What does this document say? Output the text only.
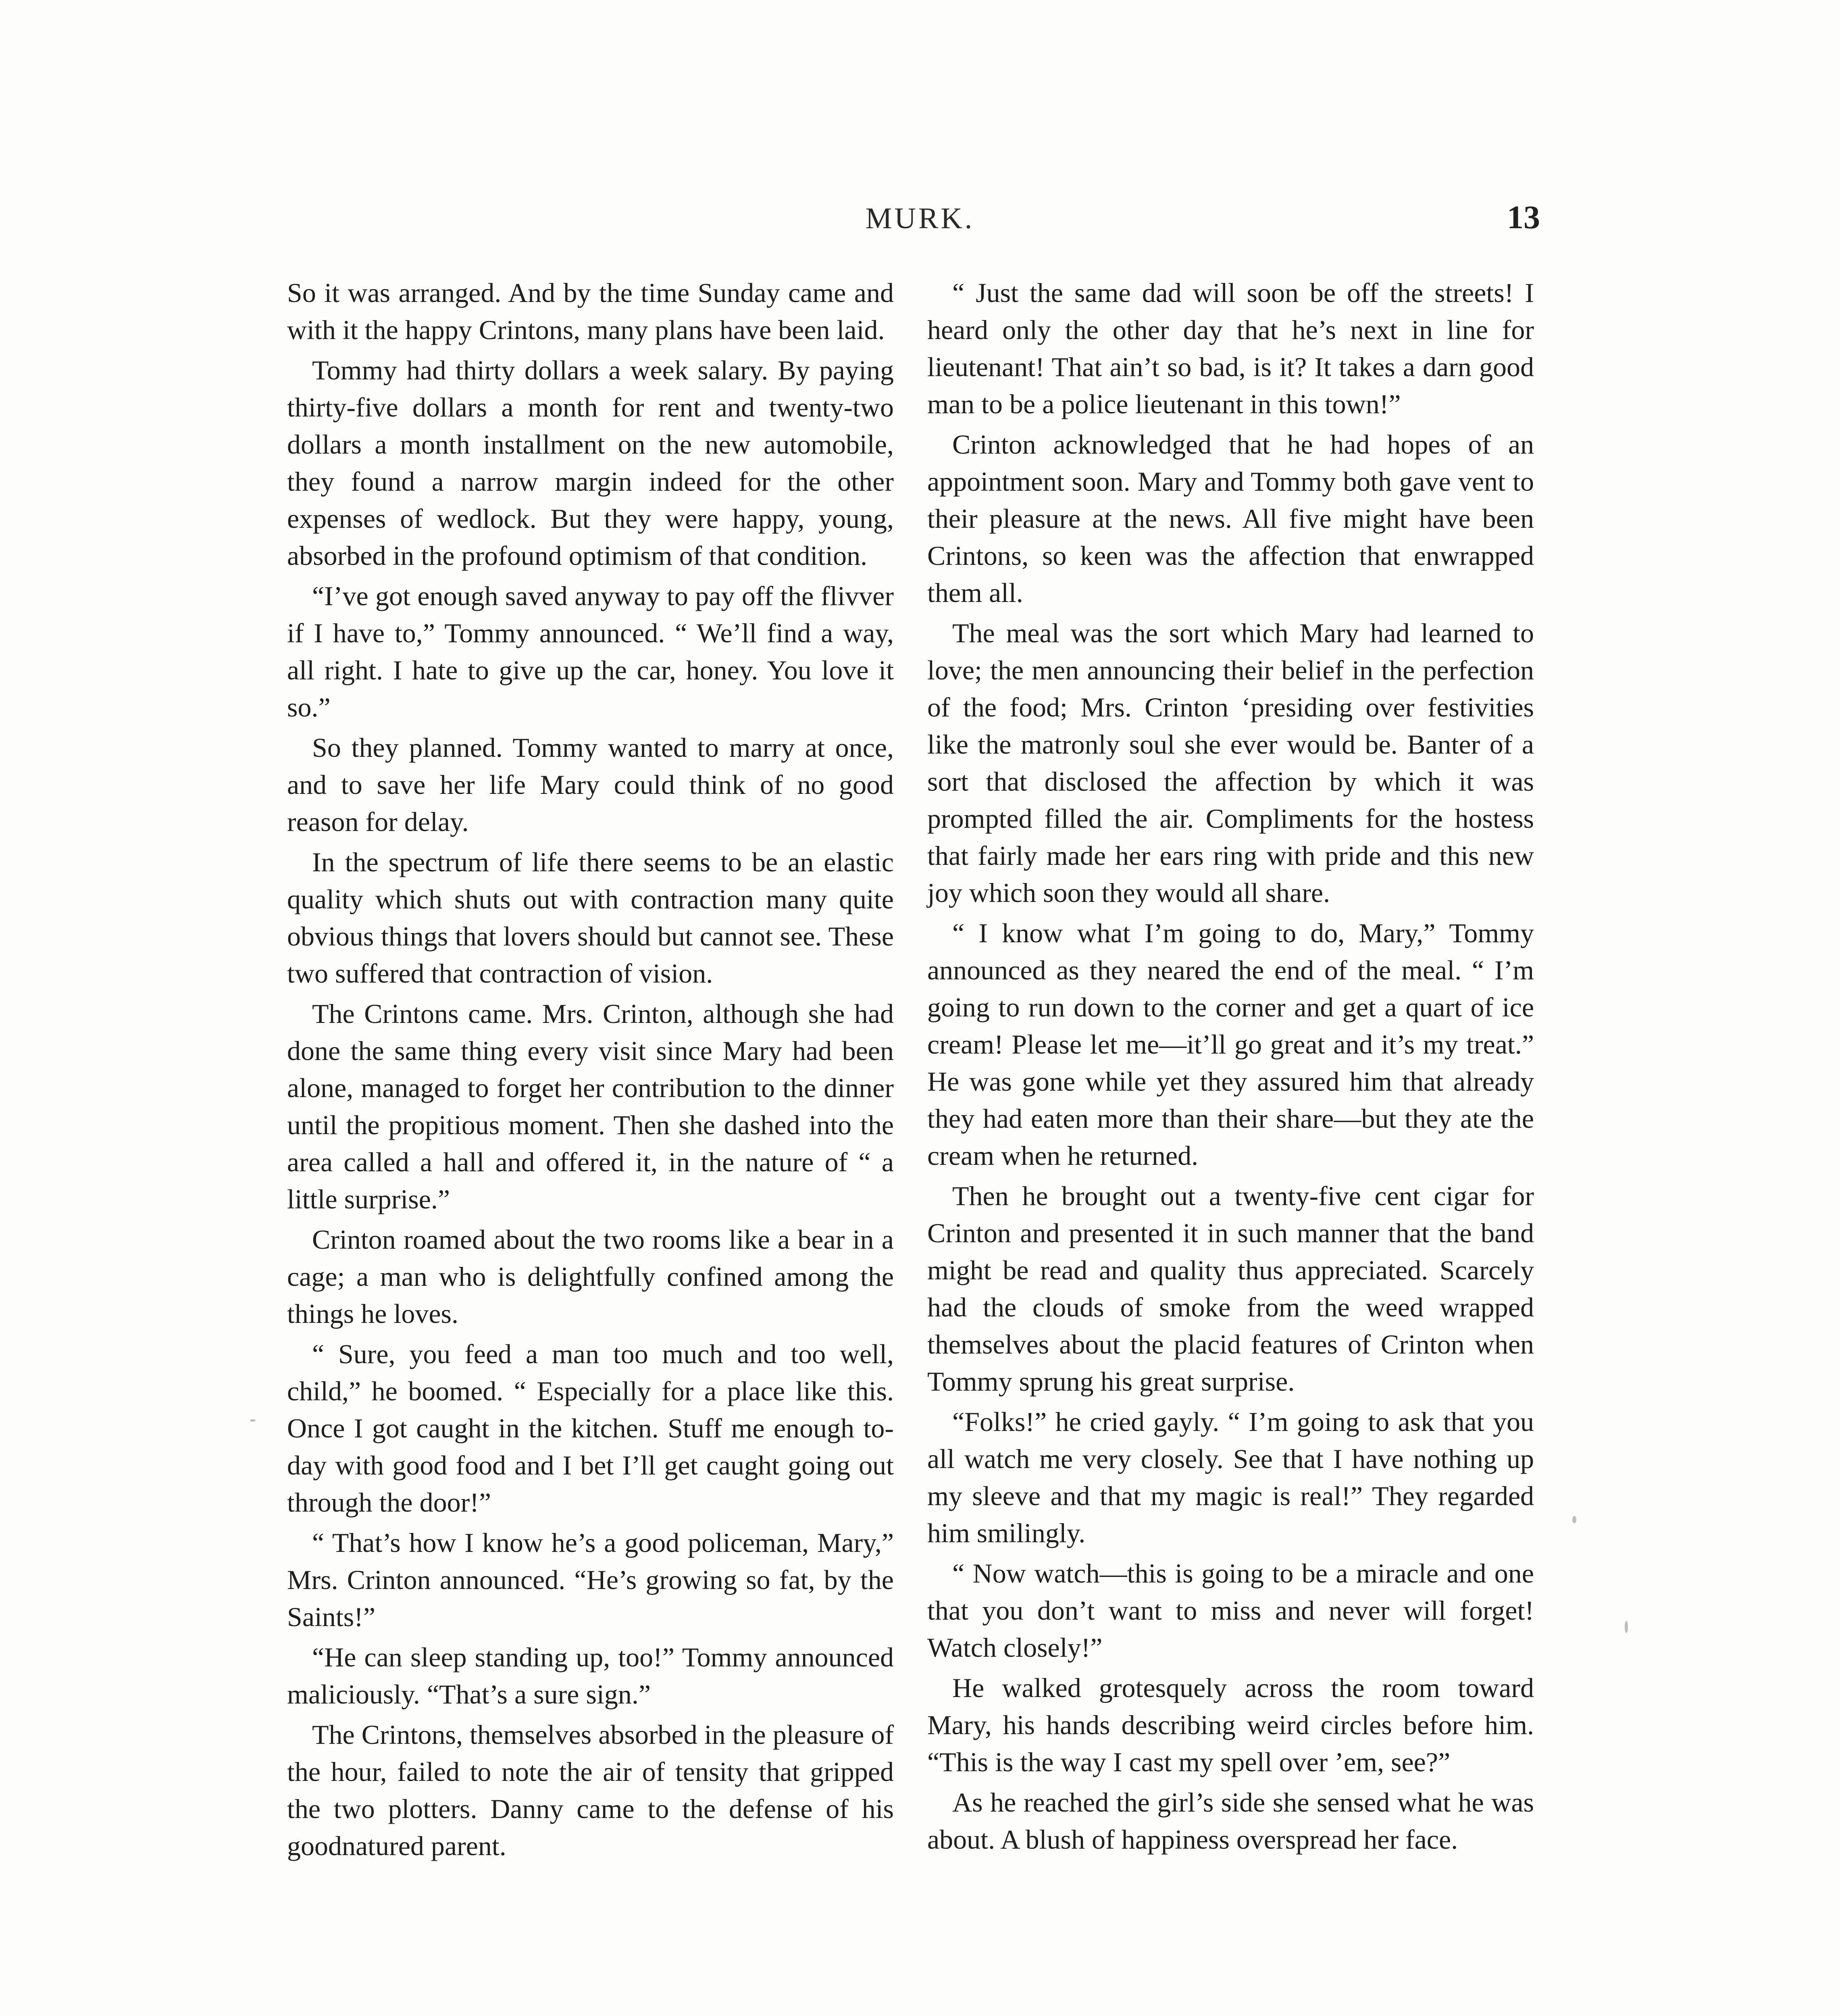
MURK.	13

So it was arranged. And by the time Sunday came and with it the happy Crintons, many plans have been laid.

Tommy had thirty dollars a week salary. By paying thirty-five dollars a month for rent and twenty-two dollars a month installment on the new automobile, they found a narrow margin indeed for the other expenses of wedlock. But they were happy, young, absorbed in the profound optimism of that condition.

“I’ve got enough saved anyway to pay off the flivver if I have to,” Tommy announced. “ We’ll find a way, all right. I hate to give up the car, honey. You love it so.”

So they planned. Tommy wanted to marry at once, and to save her life Mary could think of no good reason for delay.

In the spectrum of life there seems to be an elastic quality which shuts out with contraction many quite obvious things that lovers should but cannot see. These two suffered that contraction of vision.

The Crintons came. Mrs. Crinton, although she had done the same thing every visit since Mary had been alone, managed to forget her contribution to the dinner until the propitious moment. Then she dashed into the area called a hall and offered it, in the nature of “ a little surprise.”

Crinton roamed about the two rooms like a bear in a cage; a man who is delightfully confined among the things he loves.

“ Sure, you feed a man too much and too well, child,” he boomed. “ Especially for a place like this. Once I got caught in the kitchen. Stuff me enough to-day with good food and I bet I’ll get caught going out through the door!”

“ That’s how I know he’s a good policeman, Mary,” Mrs. Crinton announced. “He’s growing so fat, by the Saints!”

“He can sleep standing up, too!” Tommy announced maliciously. “That’s a sure sign.”

The Crintons, themselves absorbed in the pleasure of the hour, failed to note the air of tensity that gripped the two plotters. Danny came to the defense of his goodnatured parent.

“ Just the same dad will soon be off the streets! I heard only the other day that he’s next in line for lieutenant! That ain’t so bad, is it? It takes a darn good man to be a police lieutenant in this town!”

Crinton acknowledged that he had hopes of an appointment soon. Mary and Tommy both gave vent to their pleasure at the news. All five might have been Crintons, so keen was the affection that enwrapped them all.

The meal was the sort which Mary had learned to love; the men announcing their belief in the perfection of the food; Mrs. Crinton ‘presiding over festivities like the matronly soul she ever would be. Banter of a sort that disclosed the affection by which it was prompted filled the air. Compliments for the hostess that fairly made her ears ring with pride and this new joy which soon they would all share.

“ I know what I’m going to do, Mary,” Tommy announced as they neared the end of the meal. “ I’m going to run down to the corner and get a quart of ice cream! Please let me—it’ll go great and it’s my treat.” He was gone while yet they assured him that already they had eaten more than their share—but they ate the cream when he returned.

Then he brought out a twenty-five cent cigar for Crinton and presented it in such manner that the band might be read and quality thus appreciated. Scarcely had the clouds of smoke from the weed wrapped themselves about the placid features of Crinton when Tommy sprung his great surprise.

“Folks!” he cried gayly. “ I’m going to ask that you all watch me very closely. See that I have nothing up my sleeve and that my magic is real!” They regarded him smilingly.

“ Now watch—this is going to be a miracle and one that you don’t want to miss and never will forget! Watch closely!”

He walked grotesquely across the room toward Mary, his hands describing weird circles before him. “This is the way I cast my spell over ’em, see?”

As he reached the girl’s side she sensed what he was about. A blush of happiness overspread her face.
